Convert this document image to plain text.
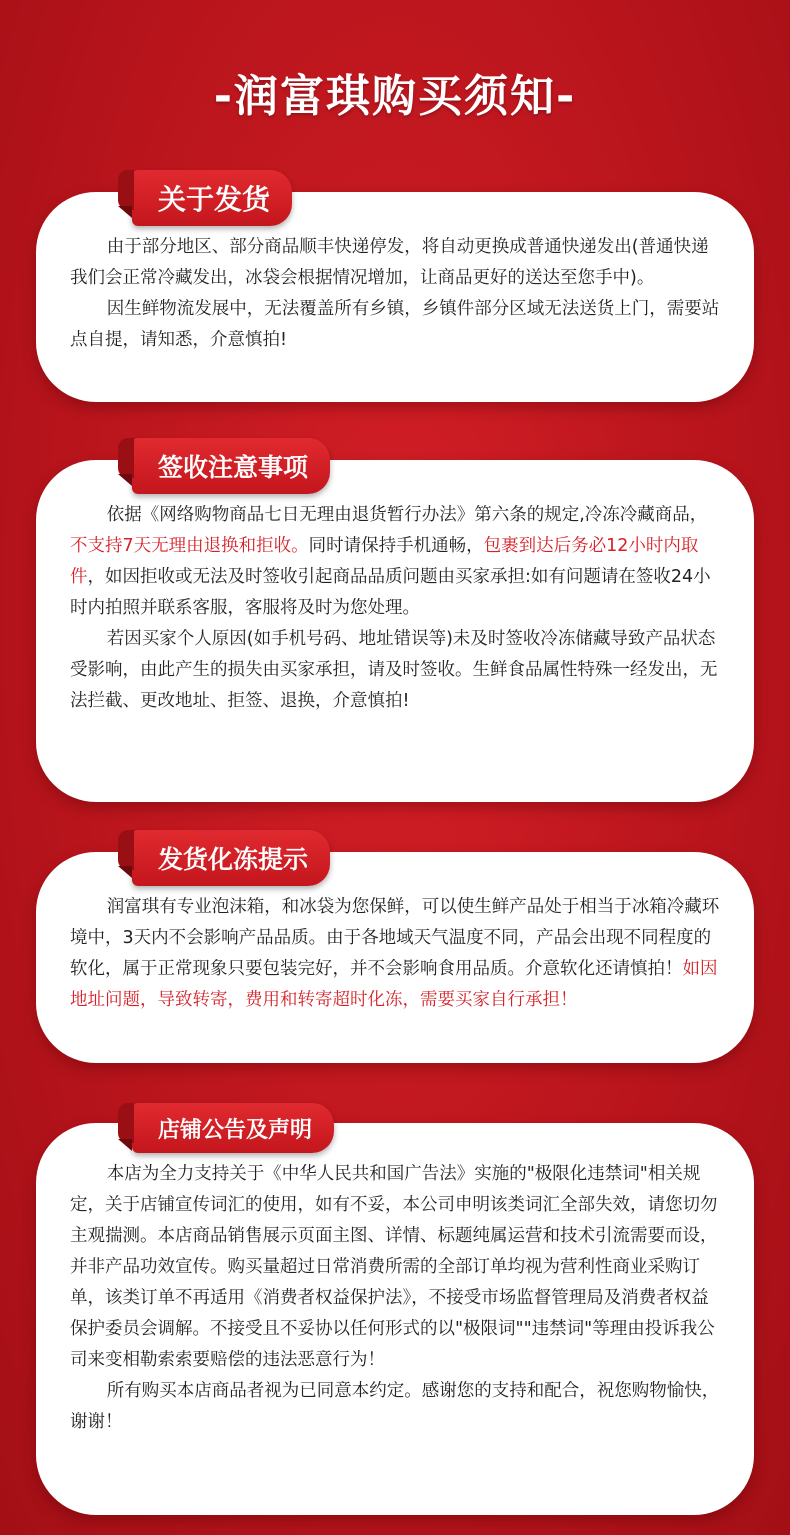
-润富琪购买须知-
关于发货

由于部分地区、部分商品顺丰快递停发，将自动更换成普通快递发出(普通快递我们会正常冷藏发出，冰袋会根据情况增加，让商品更好的送达至您手中)。

因生鲜物流发展中，无法覆盖所有乡镇，乡镇件部分区域无法送货上门，需要站点自提，请知悉，介意慎拍!

签收注意事项

依据《网络购物商品七日无理由退货暂行办法》第六条的规定,冷冻冷藏商品，不支持7天无理由退换和拒收。同时请保持手机通畅，包裹到达后务必12小时内取件，如因拒收或无法及时签收引起商品品质问题由买家承担:如有问题请在签收24小时内拍照并联系客服，客服将及时为您处理。

若因买家个人原因(如手机号码、地址错误等)未及时签收冷冻储藏导致产品状态受影响，由此产生的损失由买家承担，请及时签收。生鲜食品属性特殊一经发出，无法拦截、更改地址、拒签、退换，介意慎拍!

发货化冻提示

润富琪有专业泡沫箱，和冰袋为您保鲜，可以使生鲜产品处于相当于冰箱冷藏环境中，3天内不会影响产品品质。由于各地域天气温度不同，产品会出现不同程度的软化，属于正常现象只要包装完好，并不会影响食用品质。介意软化还请慎拍！如因地址问题，导致转寄，费用和转寄超时化冻，需要买家自行承担！

店铺公告及声明

本店为全力支持关于《中华人民共和国广告法》实施的"极限化违禁词"相关规定，关于店铺宣传词汇的使用，如有不妥，本公司申明该类词汇全部失效，请您切勿主观揣测。本店商品销售展示页面主图、详情、标题纯属运营和技术引流需要而设，并非产品功效宣传。购买量超过日常消费所需的全部订单均视为营利性商业采购订单，该类订单不再适用《消费者权益保护法》，不接受市场监督管理局及消费者权益保护委员会调解。不接受且不妥协以任何形式的以"极限词""违禁词"等理由投诉我公司来变相勒索索要赔偿的违法恶意行为！

所有购买本店商品者视为已同意本约定。感谢您的支持和配合，祝您购物愉快，谢谢！
